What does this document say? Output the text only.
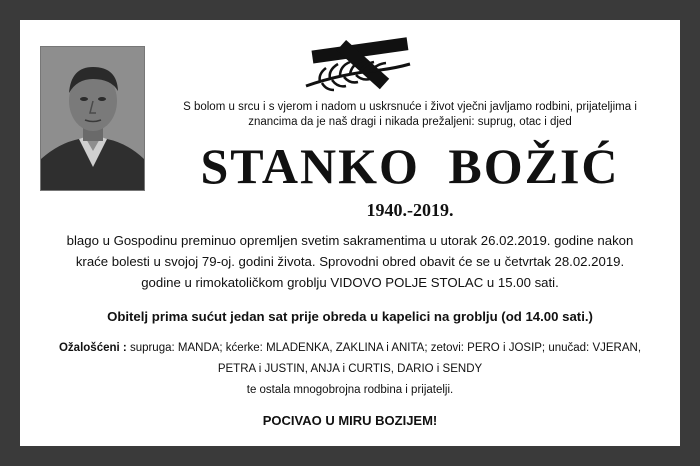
S bolom u srcu i s vjerom i nadom u uskrsnuće i život vječni javljamo rodbini, prijateljima i
znancima da je naš dragi i nikada prežaljeni: suprug, otac i djed
STANKO BOŽIĆ
1940.-2019.
blago u Gospodinu preminuo opremljen svetim sakramentima u utorak 26.02.2019. godine nakon
kraće bolesti u svojoj 79-oj. godini života. Sprovodni obred obavit će se u četvrtak 28.02.2019.
godine u rimokatoličkom groblju VIDOVO POLJE STOLAC u 15.00 sati.
Obitelj prima sućut jedan sat prije obreda u kapelici na groblju (od 14.00 sati.)
Ožalošćeni : supruga: MANDA; kćerke: MLADENKA, ZAKLINA i ANITA; zetovi: PERO i JOSIP; unučad: VJERAN,
PETRA i JUSTIN, ANJA i CURTIS, DARIO i SENDY
te ostala mnogobrojna rodbina i prijatelji.
POCIVAO U MIRU BOZIJEM!
